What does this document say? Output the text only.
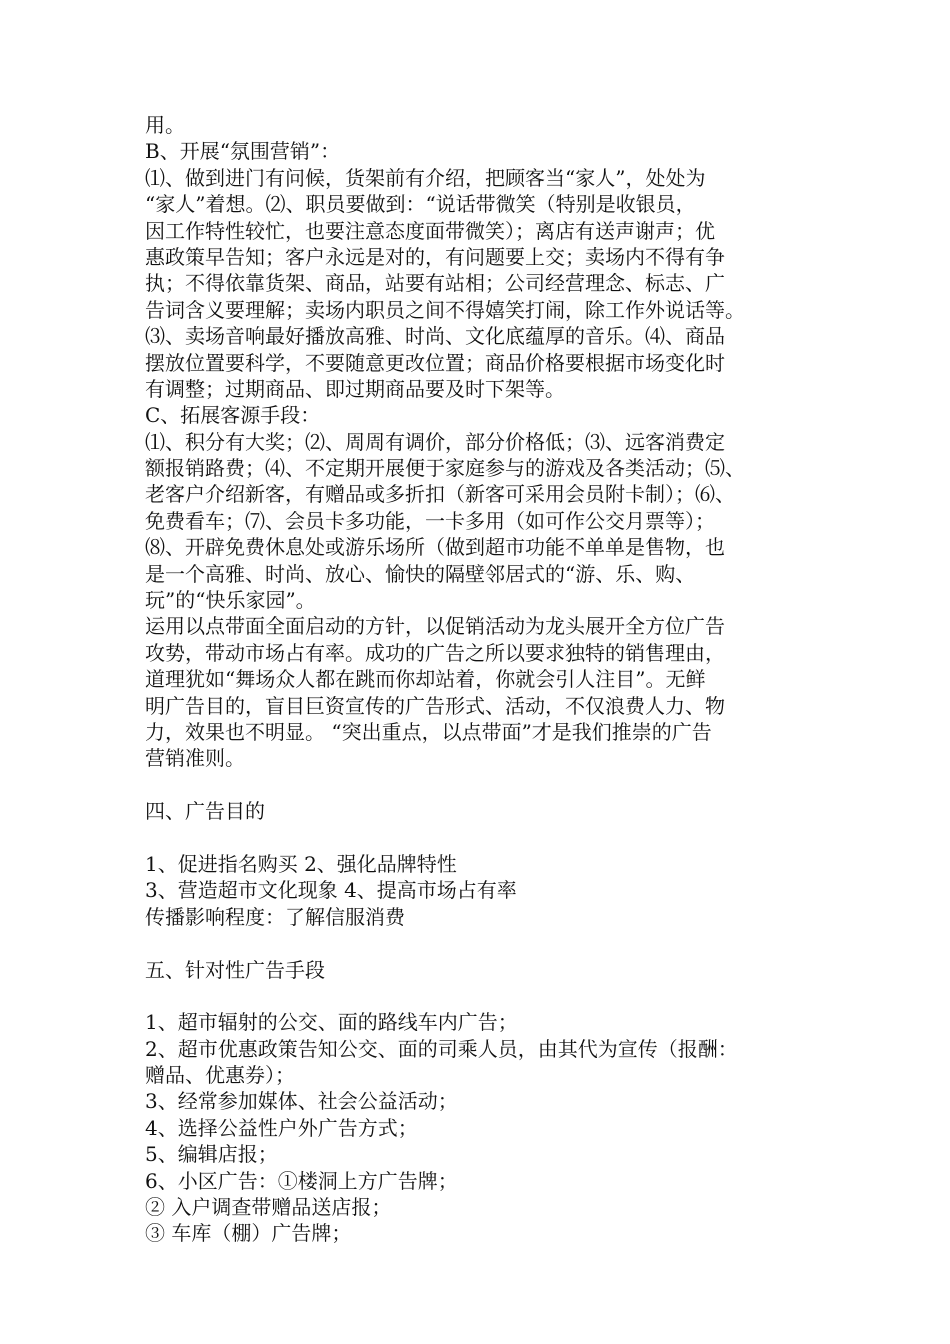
用。
B、开展“氛围营销”：
⑴、做到进门有问候，货架前有介绍，把顾客当“家人”，处处为
“家人”着想。⑵、职员要做到：“说话带微笑（特别是收银员，
因工作特性较忙，也要注意态度面带微笑）；离店有送声谢声；优
惠政策早告知；客户永远是对的，有问题要上交；卖场内不得有争
执；不得依靠货架、商品，站要有站相；公司经营理念、标志、广
告词含义要理解；卖场内职员之间不得嬉笑打闹，除工作外说话等。
⑶、卖场音响最好播放高雅、时尚、文化底蕴厚的音乐。⑷、商品
摆放位置要科学，不要随意更改位置；商品价格要根据市场变化时
有调整；过期商品、即过期商品要及时下架等。
C、拓展客源手段：
⑴、积分有大奖；⑵、周周有调价，部分价格低；⑶、远客消费定
额报销路费；⑷、不定期开展便于家庭参与的游戏及各类活动；⑸、
老客户介绍新客，有赠品或多折扣（新客可采用会员附卡制）；⑹、
免费看车；⑺、会员卡多功能，一卡多用（如可作公交月票等）；
⑻、开辟免费休息处或游乐场所（做到超市功能不单单是售物，也
是一个高雅、时尚、放心、愉快的隔壁邻居式的“游、乐、购、
玩”的“快乐家园”。
运用以点带面全面启动的方针，以促销活动为龙头展开全方位广告
攻势，带动市场占有率。成功的广告之所以要求独特的销售理由，
道理犹如“舞场众人都在跳而你却站着，你就会引人注目”。无鲜
明广告目的，盲目巨资宣传的广告形式、活动，不仅浪费人力、物
力，效果也不明显。 “突出重点，以点带面”才是我们推崇的广告
营销准则。
四、广告目的
1、促进指名购买 2、强化品牌特性
3、营造超市文化现象 4、提高市场占有率
传播影响程度：了解信服消费
五、针对性广告手段
1、超市辐射的公交、面的路线车内广告；
2、超市优惠政策告知公交、面的司乘人员，由其代为宣传（报酬：
赠品、优惠券）；
3、经常参加媒体、社会公益活动；
4、选择公益性户外广告方式；
5、编辑店报；
6、小区广告：①楼洞上方广告牌；
② 入户调查带赠品送店报；
③ 车库（棚）广告牌；
